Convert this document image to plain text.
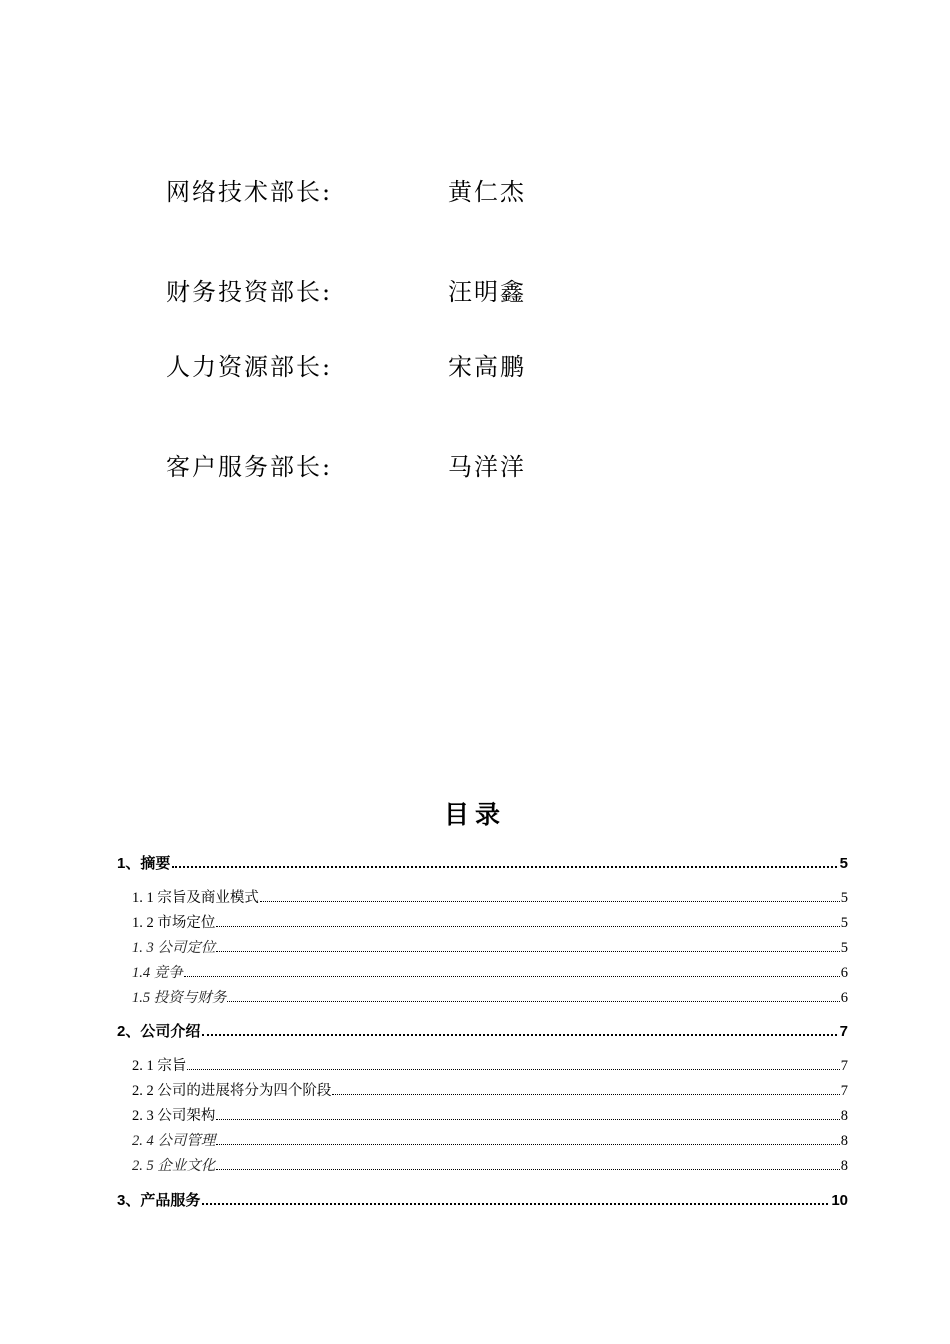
网络技术部长:	黄仁杰
财务投资部长:	汪明鑫
人力资源部长:	宋高鹏
客户服务部长:	马洋洋
目录
1、摘要	5
1. 1 宗旨及商业模式	5
1. 2 市场定位	5
1. 3 公司定位	5
1.4 竞争	6
1.5 投资与财务	6
2、公司介绍	7
2. 1 宗旨	7
2. 2 公司的进展将分为四个阶段	7
2. 3 公司架构	8
2. 4 公司管理	8
2. 5 企业文化	8
3、产品服务	10
